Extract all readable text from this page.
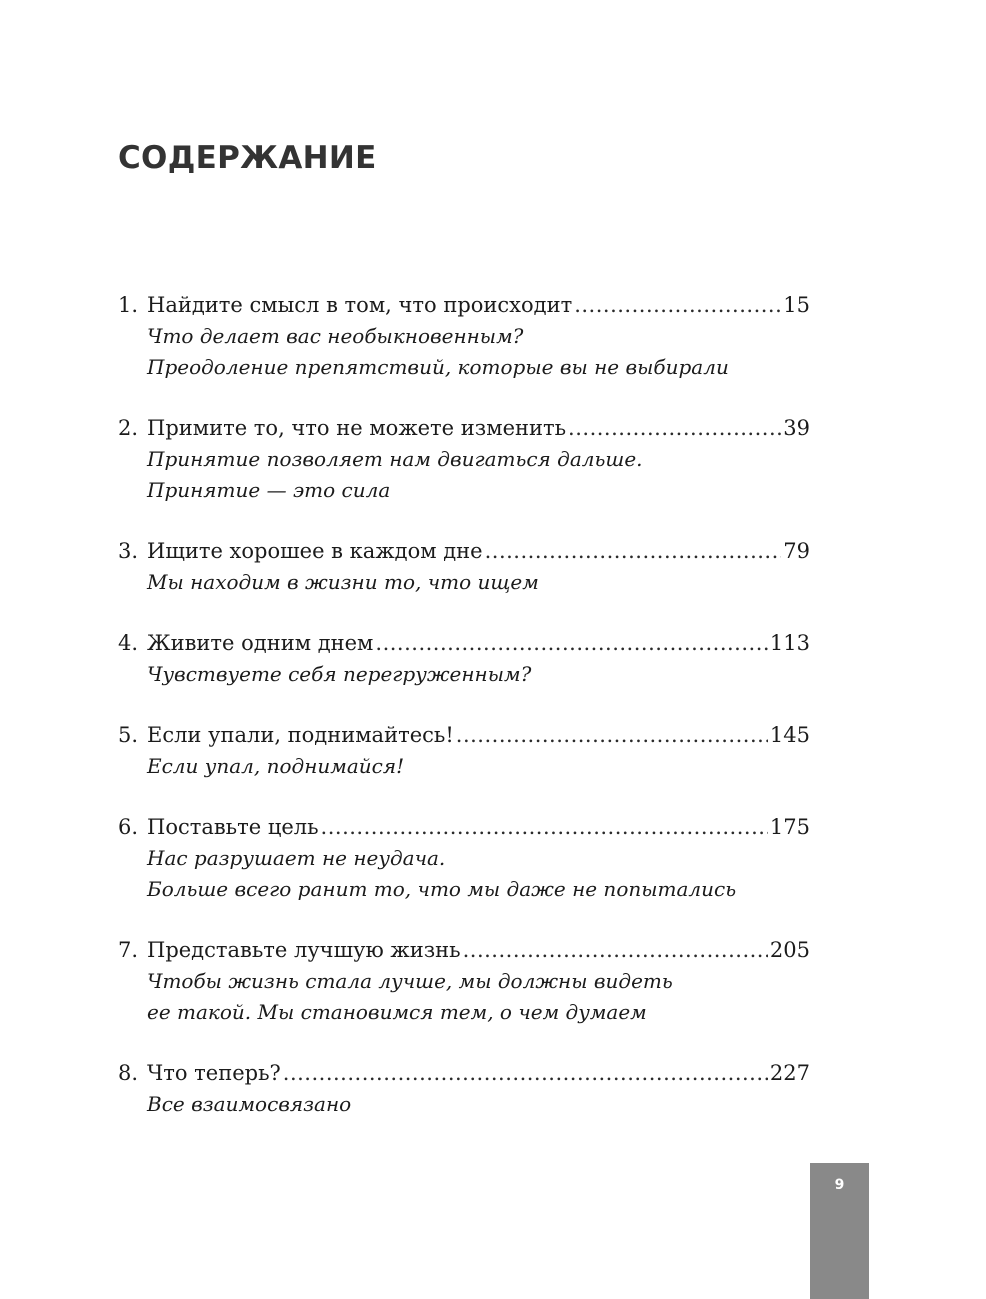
СОДЕРЖАНИЕ
1. Найдите смысл в том, что происходит .....	15
Что делает вас необыкновенным?
Преодоление препятствий, которые вы не выбирали
2. Примите то, что не можете изменить .....	39
Принятие позволяет нам двигаться дальше.
Принятие — это сила
3. Ищите хорошее в каждом дне .....	79
Мы находим в жизни то, что ищем
4. Живите одним днем .....	113
Чувствуете себя перегруженным?
5. Если упали, поднимайтесь! .....	145
Если упал, поднимайся!
6. Поставьте цель .....	175
Нас разрушает не неудача.
Больше всего ранит то, что мы даже не попытались
7. Представьте лучшую жизнь .....	205
Чтобы жизнь стала лучше, мы должны видеть
ее такой. Мы становимся тем, о чем думаем
8. Что теперь? .....	227
Все взаимосвязано
9
